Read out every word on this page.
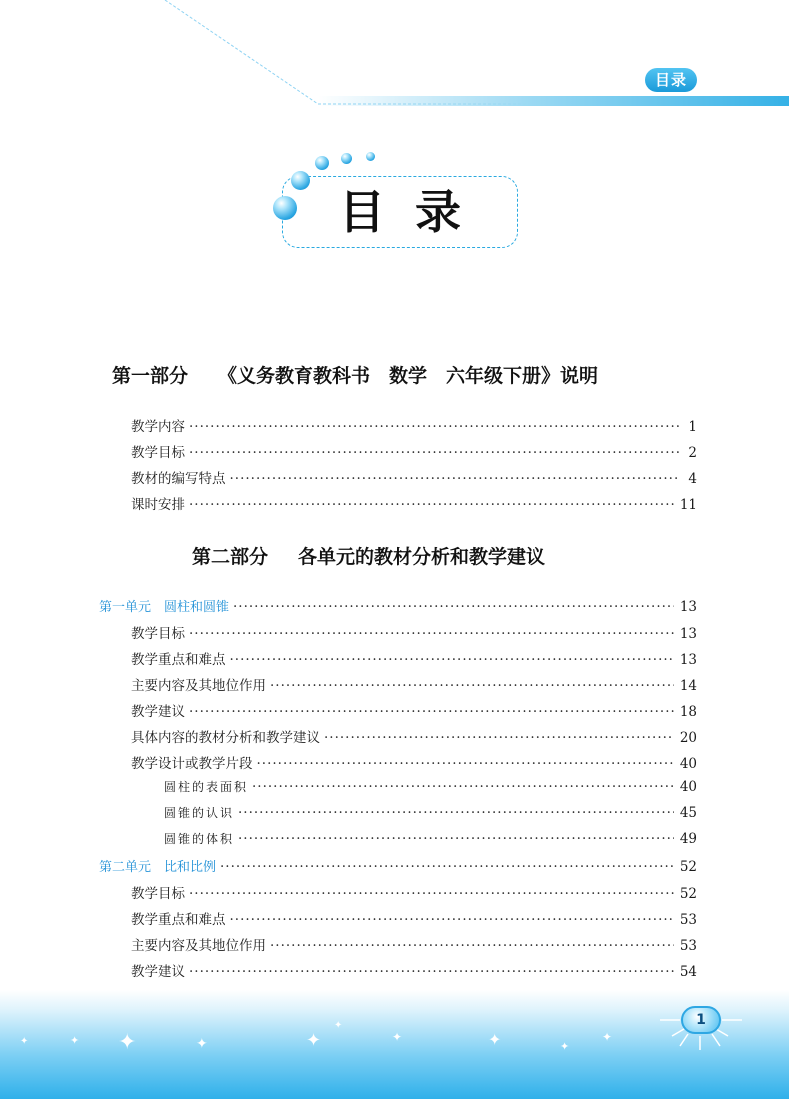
目录
目录
第一部分 《义务教育教科书　数学　六年级下册》说明
教学内容 ·····	1
教学目标 ·····	2
教材的编写特点 ·····	4
课时安排 ·····	11
第二部分 各单元的教材分析和教学建议
第一单元　圆柱和圆锥 ·····	13
教学目标 ·····	13
教学重点和难点 ·····	13
主要内容及其地位作用 ·····	14
教学建议 ·····	18
具体内容的教材分析和教学建议 ·····	20
教学设计或教学片段 ·····	40
圆柱的表面积 ·····	40
圆锥的认识 ·····	45
圆锥的体积 ·····	49
第二单元　比和比例 ·····	52
教学目标 ·····	52
教学重点和难点 ·····	53
主要内容及其地位作用 ·····	53
教学建议 ·····	54
✦
✦	✦	✦
✦
✦	✦	✦
✦
✦
1
